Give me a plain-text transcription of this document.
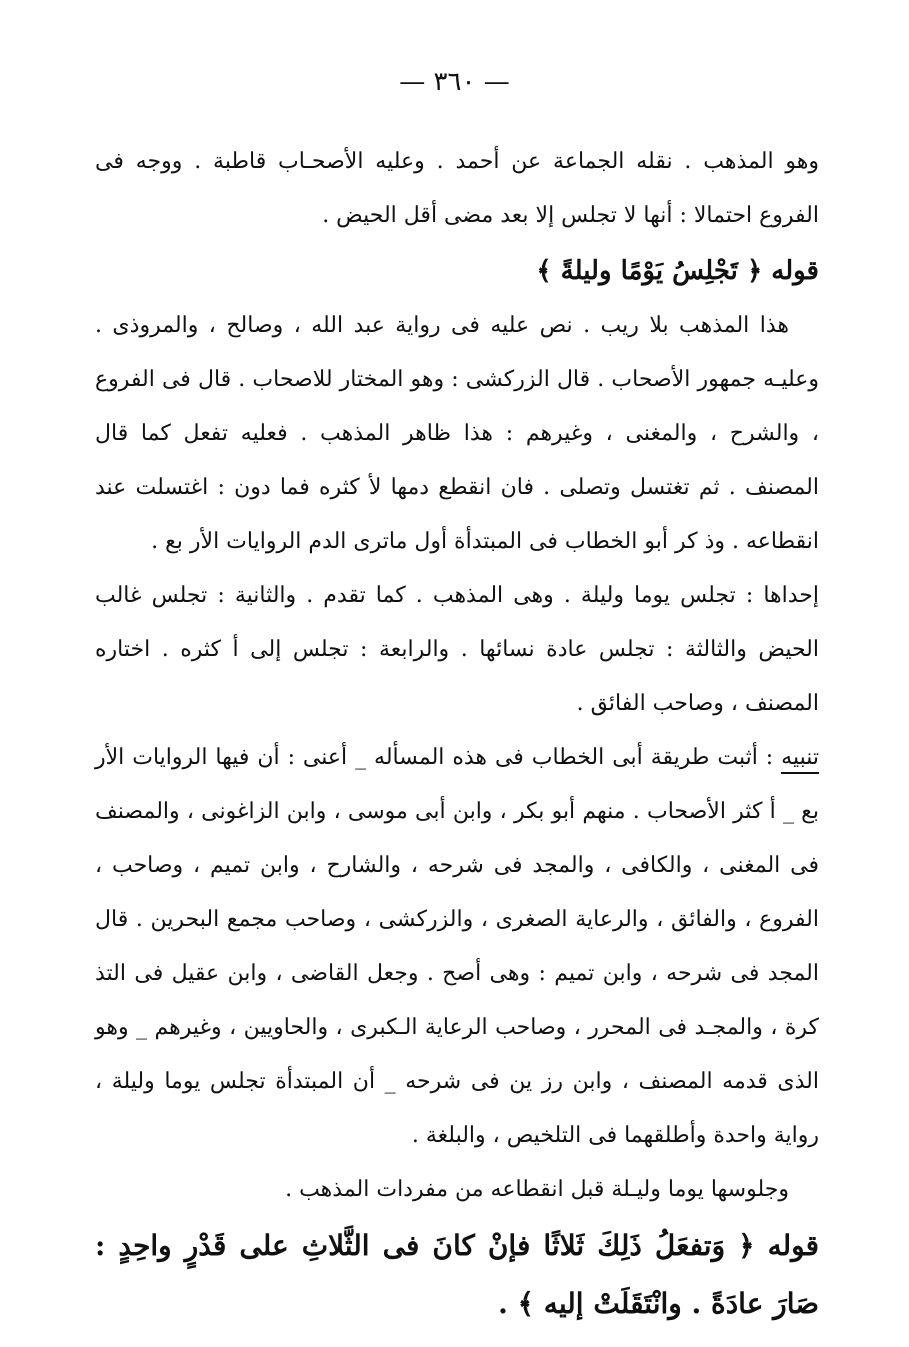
— ٣٦٠ —

وهو المذهب . نقله الجماعة عن أحمد . وعليه الأصحـاب قاطبة . ووجه فى الفروع احتمالا : أنها لا تجلس إلا بعد مضى أقل الحيض .

قوله ﴿ تَجْلِسُ يَوْمًا وليلةً ﴾

هذا المذهب بلا ريب . نص عليه فى رواية عبد الله ، وصالح ، والمروذى . وعليـه جمهور الأصحاب . قال الزركشى : وهو المختار للاصحاب . قال فى الفروع ، والشرح ، والمغنى ، وغيرهم : هذا ظاهر المذهب . فعليه تفعل كما قال المصنف . ثم تغتسل وتصلى . فان انقطع دمها لأ كثره فما دون : اغتسلت عند انقطاعه . وذ كر أبو الخطاب فى المبتدأة أول ماترى الدم الروايات الأر بع .

إحداها : تجلس يوما وليلة . وهى المذهب . كما تقدم . والثانية : تجلس غالب الحيض والثالثة : تجلس عادة نسائها . والرابعة : تجلس إلى أ كثره . اختاره المصنف ، وصاحب الفائق .

تنبيه : أثبت طريقة أبى الخطاب فى هذه المسأله _ أعنى : أن فيها الروايات الأر بع _ أ كثر الأصحاب . منهم أبو بكر ، وابن أبى موسى ، وابن الزاغونى ، والمصنف فى المغنى ، والكافى ، والمجد فى شرحه ، والشارح ، وابن تميم ، وصاحب ، الفروع ، والفائق ، والرعاية الصغرى ، والزركشى ، وصاحب مجمع البحرين . قال المجد فى شرحه ، وابن تميم : وهى أصح . وجعل القاضى ، وابن عقيل فى التذ كرة ، والمجـد فى المحرر ، وصاحب الرعاية الـكبرى ، والحاويين ، وغيرهم _ وهو الذى قدمه المصنف ، وابن رز ين فى شرحه _ أن المبتدأة تجلس يوما وليلة ، رواية واحدة وأطلقهما فى التلخيص ، والبلغة .

وجلوسها يوما وليـلة قبل انقطاعه من مفردات المذهب .

قوله ﴿ وَتفعَلُ ذَلِكَ ثَلاثًا فإنْ كانَ فى الثَّلاثِ على قَدْرٍ واحِدٍ : صَارَ عادَةً . وانْتَقَلَتْ إليه ﴾ .
